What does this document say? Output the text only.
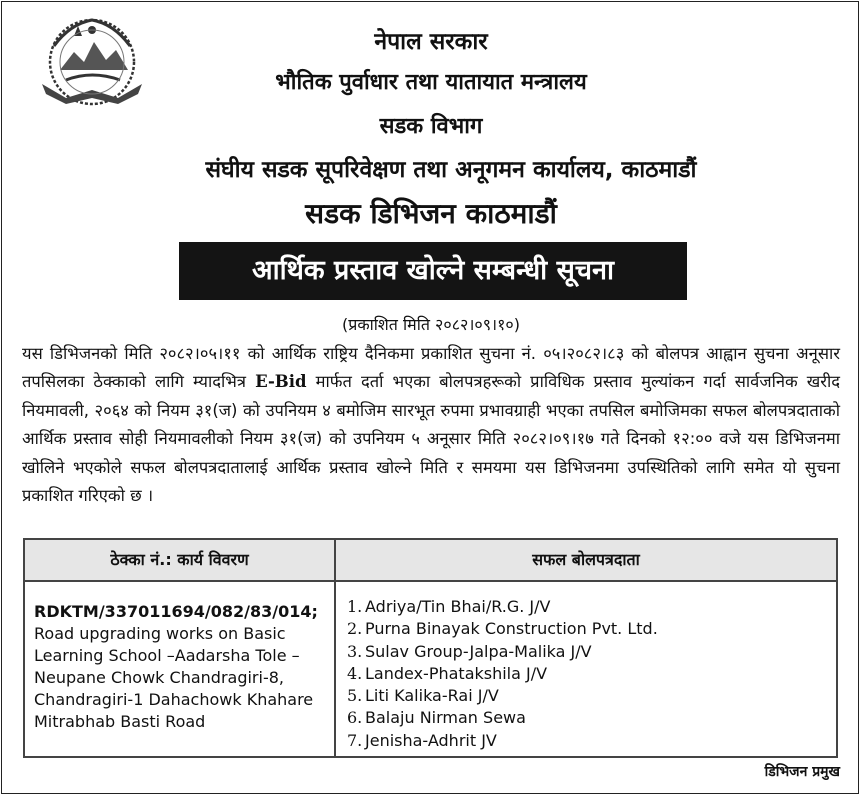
नेपाल सरकार
भौतिक पुर्वाधार तथा यातायात मन्त्रालय
सडक विभाग
संघीय सडक सूपरिवेक्षण तथा अनूगमन कार्यालय, काठमाडौं
सडक डिभिजन काठमाडौं
आर्थिक प्रस्ताव खोल्ने सम्बन्धी सूचना
(प्रकाशित मिति २०८२।०९।१०)
यस डिभिजनको मिति २०८२।०५।११ को आर्थिक राष्ट्रिय दैनिकमा प्रकाशित सुचना नं. ०५।२०८२।८३ को बोलपत्र आह्वान सुचना अनूसार तपसिलका ठेक्काको लागि म्यादभित्र E-Bid मार्फत दर्ता भएका बोलपत्रहरूको प्राविधिक प्रस्ताव मुल्यांकन गर्दा सार्वजनिक खरीद नियमावली, २०६४ को नियम ३१(ज) को उपनियम ४ बमोजिम सारभूत रुपमा प्रभावग्राही भएका तपसिल बमोजिमका सफल बोलपत्रदाताको आर्थिक प्रस्ताव सोही नियमावलीको नियम ३१(ज) को उपनियम ५ अनूसार मिति २०८२।०९।१७ गते दिनको १२:०० वजे यस डिभिजनमा खोलिने भएकोले सफल बोलपत्रदातालाई आर्थिक प्रस्ताव खोल्ने मिति र समयमा यस डिभिजनमा उपस्थितिको लागि समेत यो सुचना प्रकाशित गरिएको छ ।
ठेक्का नं.: कार्य विवरण	सफल बोलपत्रदाता
RDKTM/337011694/082/83/014;
Road upgrading works on Basic Learning School –Aadarsha Tole –Neupane Chowk Chandragiri-8, Chandragiri-1 Dahachowk Khahare Mitrabhab Basti Road
1. Adriya/Tin Bhai/R.G. J/V
2. Purna Binayak Construction Pvt. Ltd.
3. Sulav Group-Jalpa-Malika J/V
4. Landex-Phatakshila J/V
5. Liti Kalika-Rai J/V
6. Balaju Nirman Sewa
7. Jenisha-Adhrit JV
डिभिजन प्रमुख
